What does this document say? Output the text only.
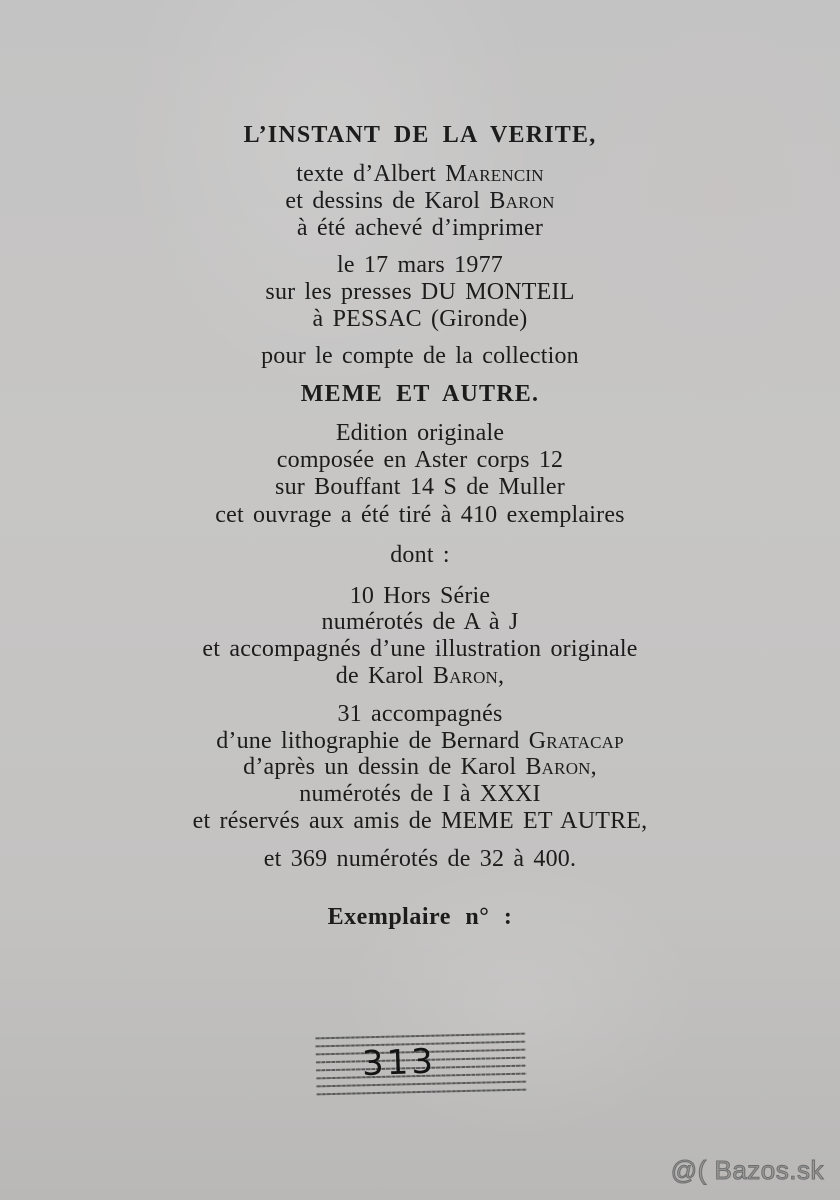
L’INSTANT DE LA VERITE,
texte d’Albert Marencin
et dessins de Karol Baron
à été achevé d’imprimer
le 17 mars 1977
sur les presses DU MONTEIL
à PESSAC (Gironde)
pour le compte de la collection
MEME ET AUTRE.
Edition originale
composée en Aster corps 12
sur Bouffant 14 S de Muller
cet ouvrage a été tiré à 410 exemplaires
dont :
10 Hors Série
numérotés de A à J
et accompagnés d’une illustration originale
de Karol Baron,
31 accompagnés
d’une lithographie de Bernard Gratacap
d’après un dessin de Karol Baron,
numérotés de I à XXXI
et réservés aux amis de MEME ET AUTRE,
et 369 numérotés de 32 à 400.
Exemplaire n° :
313
@( Bazos.sk
